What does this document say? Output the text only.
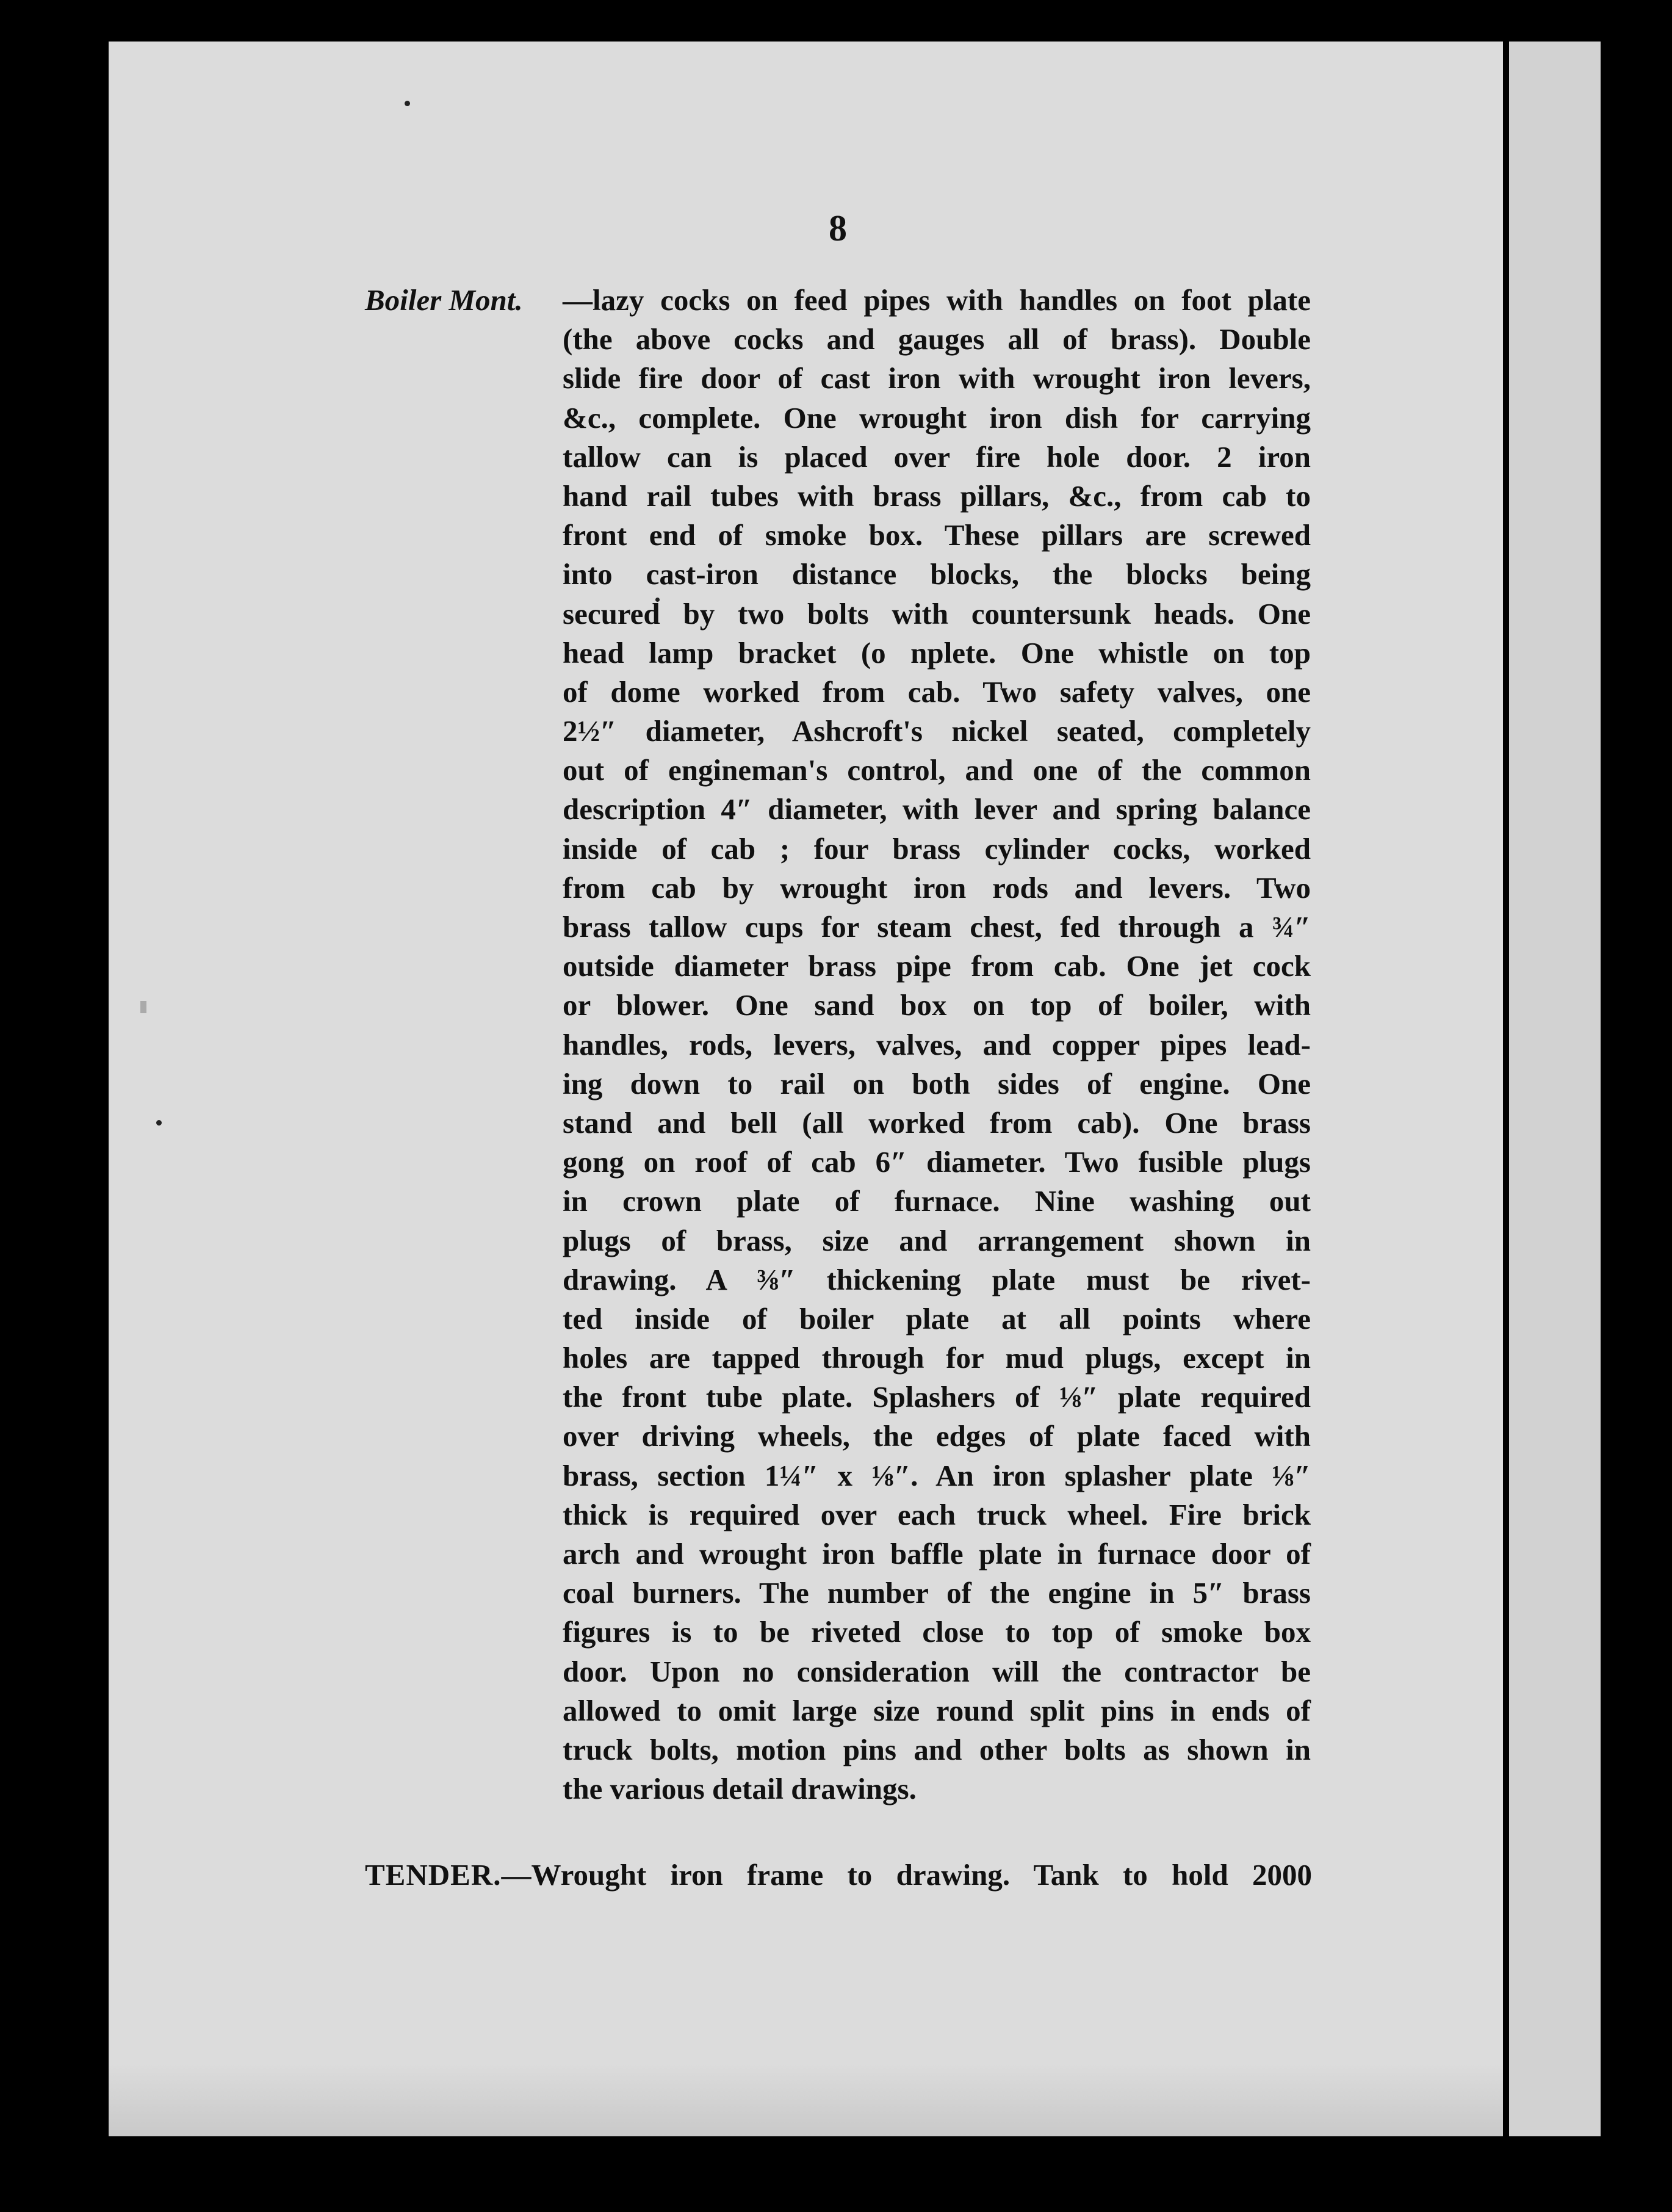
8
—lazy cocks on feed pipes with handles on foot plate
(the above cocks and gauges all of brass). Double
slide fire door of cast iron with wrought iron levers,
&c., complete. One wrought iron dish for carrying
tallow can is placed over fire hole door. 2 iron
hand rail tubes with brass pillars, &c., from cab to
front end of smoke box. These pillars are screwed
into cast-iron distance blocks, the blocks being
secured by two bolts with countersunk heads. One
head lamp bracket (o nplete. One whistle on top
of dome worked from cab. Two safety valves, one
2½″ diameter, Ashcroft's nickel seated, completely
out of engineman's control, and one of the common
description 4″ diameter, with lever and spring balance
inside of cab ; four brass cylinder cocks, worked
from cab by wrought iron rods and levers. Two
brass tallow cups for steam chest, fed through a ¾″
outside diameter brass pipe from cab. One jet cock
or blower. One sand box on top of boiler, with
handles, rods, levers, valves, and copper pipes lead-
ing down to rail on both sides of engine. One
stand and bell (all worked from cab). One brass
gong on roof of cab 6″ diameter. Two fusible plugs
in crown plate of furnace. Nine washing out
plugs of brass, size and arrangement shown in
drawing. A ⅜″ thickening plate must be rivet-
ted inside of boiler plate at all points where
holes are tapped through for mud plugs, except in
the front tube plate. Splashers of ⅛″ plate required
over driving wheels, the edges of plate faced with
brass, section 1¼″ x ⅛″. An iron splasher plate ⅛″
thick is required over each truck wheel. Fire brick
arch and wrought iron baffle plate in furnace door of
coal burners. The number of the engine in 5″ brass
figures is to be riveted close to top of smoke box
door. Upon no consideration will the contractor be
allowed to omit large size round split pins in ends of
truck bolts, motion pins and other bolts as shown in
the various detail drawings.
TENDER.—Wrought iron frame to drawing. Tank to hold 2000
Boiler Mont.
